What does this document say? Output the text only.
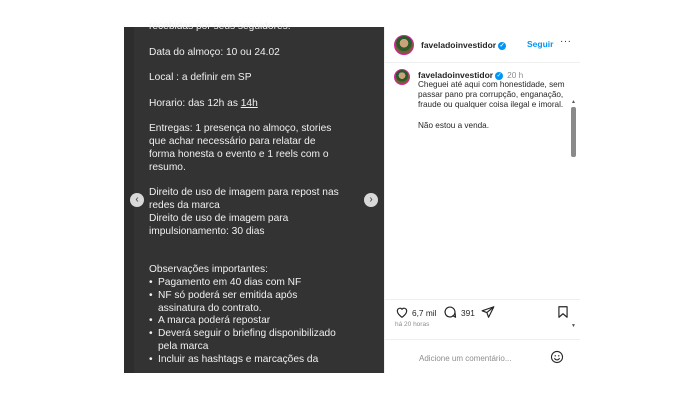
recebidas por seus seguidores.

Data do almoço: 10 ou 24.02

Local : a definir em SP

Horario: das 12h as 14h

Entregas: 1 presença no almoço, stories

que achar necessário para relatar de

forma honesta o evento e 1 reels com o

resumo.

Direito de uso de imagem para repost nas

redes da marca

Direito de uso de imagem para

impulsionamento: 30 dias

Observações importantes:

• Pagamento em 40 dias com NF
• NF só poderá ser emitida após assinatura do contrato.
• A marca poderá repostar
• Deverá seguir o briefing disponibilizado pela marca
• Incluir as hashtags e marcações da
‹	›
faveladoinvestidor ✓	Seguir ···
faveladoinvestidor ✓ 20 h

Cheguei até aqui com honestidade, sem passar pano pra corrupção, enganação, fraude ou qualquer coisa ilegal e imoral.

Não estou a venda.

▲
▼
6,7 mil	391
há 20 horas
Adicione um comentário...
